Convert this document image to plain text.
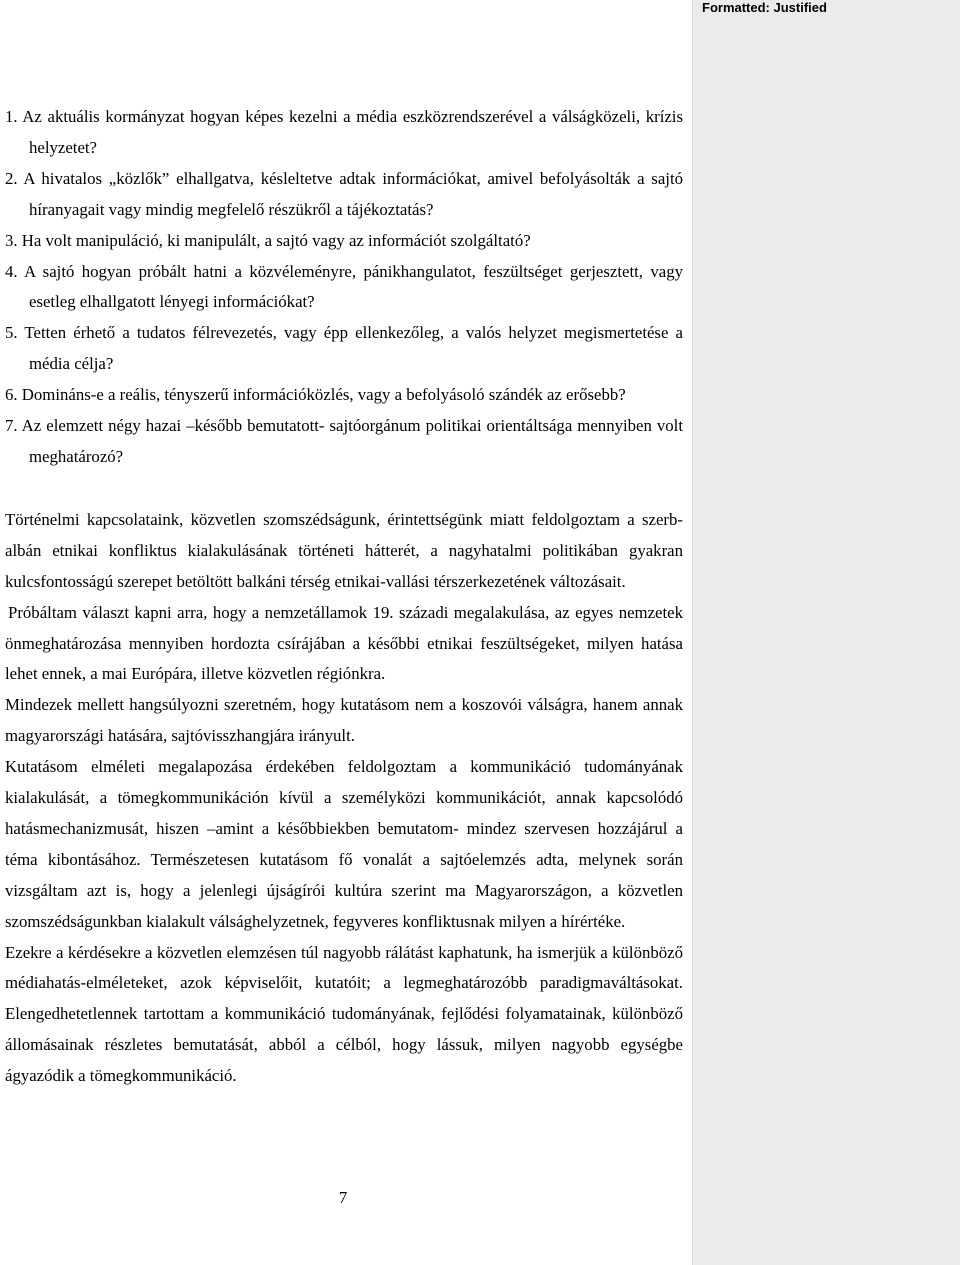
Formatted: Justified

1. Az aktuális kormányzat hogyan képes kezelni a média eszközrendszerével a válságközeli, krízis helyzetet?

2. A hivatalos „közlők” elhallgatva, késleltetve adtak információkat, amivel befolyásolták a sajtó híranyagait vagy mindig megfelelő részükről a tájékoztatás?

3. Ha volt manipuláció, ki manipulált, a sajtó vagy az információt szolgáltató?

4. A sajtó hogyan próbált hatni a közvéleményre, pánikhangulatot, feszültséget gerjesztett, vagy esetleg elhallgatott lényegi információkat?

5. Tetten érhető a tudatos félrevezetés, vagy épp ellenkezőleg, a valós helyzet megismertetése a média célja?

6. Domináns-e a reális, tényszerű információközlés, vagy a befolyásoló szándék az erősebb?

7. Az elemzett négy hazai –később bemutatott- sajtóorgánum politikai orientáltsága mennyiben volt meghatározó?

Történelmi kapcsolataink, közvetlen szomszédságunk, érintettségünk miatt feldolgoztam a szerb-albán etnikai konfliktus kialakulásának történeti hátterét, a nagyhatalmi politikában gyakran kulcsfontosságú szerepet betöltött balkáni térség etnikai-vallási térszerkezetének változásait.

Próbáltam választ kapni arra, hogy a nemzetállamok 19. századi megalakulása, az egyes nemzetek önmeghatározása mennyiben hordozta csírájában a későbbi etnikai feszültségeket, milyen hatása lehet ennek, a mai Európára, illetve közvetlen régiónkra.

Mindezek mellett hangsúlyozni szeretném, hogy kutatásom nem a koszovói válságra, hanem annak magyarországi hatására, sajtóvisszhangjára irányult.

Kutatásom elméleti megalapozása érdekében feldolgoztam a kommunikáció tudományának kialakulását, a tömegkommunikáción kívül a személyközi kommunikációt, annak kapcsolódó hatásmechanizmusát, hiszen –amint a későbbiekben bemutatom- mindez szervesen hozzájárul a téma kibontásához. Természetesen kutatásom fő vonalát a sajtóelemzés adta, melynek során vizsgáltam azt is, hogy a jelenlegi újságírói kultúra szerint ma Magyarországon, a közvetlen szomszédságunkban kialakult válsághelyzetnek, fegyveres konfliktusnak milyen a hírértéke.

Ezekre a kérdésekre a közvetlen elemzésen túl nagyobb rálátást kaphatunk, ha ismerjük a különböző médiahatás-elméleteket, azok képviselőit, kutatóit; a legmeghatározóbb paradigmaváltásokat. Elengedhetetlennek tartottam a kommunikáció tudományának, fejlődési folyamatainak, különböző állomásainak részletes bemutatását, abból a célból, hogy lássuk, milyen nagyobb egységbe ágyazódik a tömegkommunikáció.

7
